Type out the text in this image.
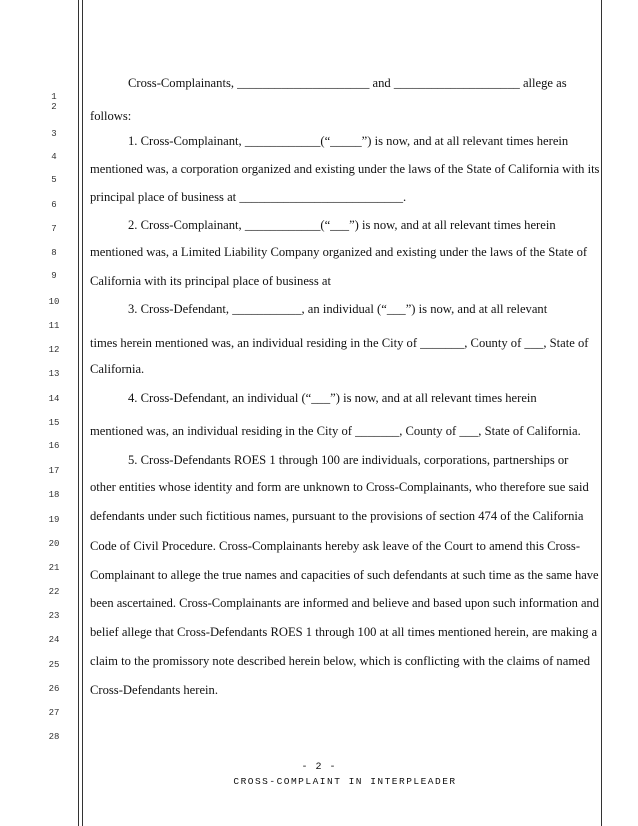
1
2
3
4
5
6
7
8
9
10
11
12
13
14
15
16
17
18
19
20
21
22
23
24
25
26
27
28
Cross-Complainants, _____________________ and ____________________ allege as
follows:
1. Cross-Complainant, ____________(“_____”) is now, and at all relevant times herein
mentioned was, a corporation organized and existing under the laws of the State of California with its
principal place of business at __________________________.
2. Cross-Complainant, ____________(“___”) is now, and at all relevant times herein
mentioned was, a Limited Liability Company organized and existing under the laws of the State of
California with its principal place of business at
3. Cross-Defendant, ___________, an individual (“___”) is now, and at all relevant
times herein mentioned was, an individual residing in the City of _______, County of ___, State of
California.
4. Cross-Defendant, an individual (“___”) is now, and at all relevant times herein
mentioned was, an individual residing in the City of _______, County of ___, State of California.
5. Cross-Defendants ROES 1 through 100 are individuals, corporations, partnerships or
other entities whose identity and form are unknown to Cross-Complainants, who therefore sue said
defendants under such fictitious names, pursuant to the provisions of section 474 of the California
Code of Civil Procedure. Cross-Complainants hereby ask leave of the Court to amend this Cross-
Complainant to allege the true names and capacities of such defendants at such time as the same have
been ascertained. Cross-Complainants are informed and believe and based upon such information and
belief allege that Cross-Defendants ROES 1 through 100 at all times mentioned herein, are making a
claim to the promissory note described herein below, which is conflicting with the claims of named
Cross-Defendants herein.
- 2 -
CROSS-COMPLAINT IN INTERPLEADER
